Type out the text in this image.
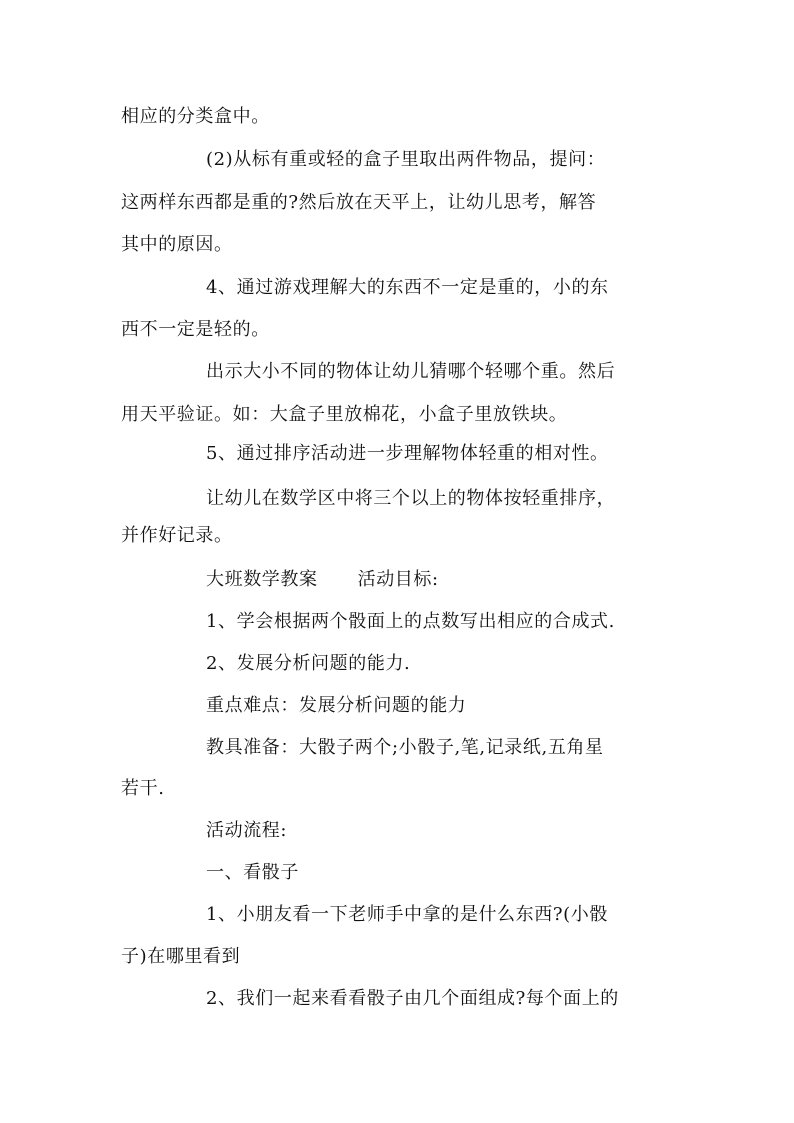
相应的分类盒中。
(2)从标有重或轻的盒子里取出两件物品，提问：
这两样东西都是重的?然后放在天平上，让幼儿思考，解答
其中的原因。
4、通过游戏理解大的东西不一定是重的，小的东
西不一定是轻的。
出示大小不同的物体让幼儿猜哪个轻哪个重。然后
用天平验证。如：大盒子里放棉花，小盒子里放铁块。
5、通过排序活动进一步理解物体轻重的相对性。
让幼儿在数学区中将三个以上的物体按轻重排序，
并作好记录。
大班数学教案 活动目标:
1、学会根据两个骰面上的点数写出相应的合成式.
2、发展分析问题的能力.
重点难点：发展分析问题的能力
教具准备：大骰子两个;小骰子,笔,记录纸,五角星
若干.
活动流程:
一、看骰子
1、小朋友看一下老师手中拿的是什么东西?(小骰
子)在哪里看到
2、我们一起来看看骰子由几个面组成?每个面上的
